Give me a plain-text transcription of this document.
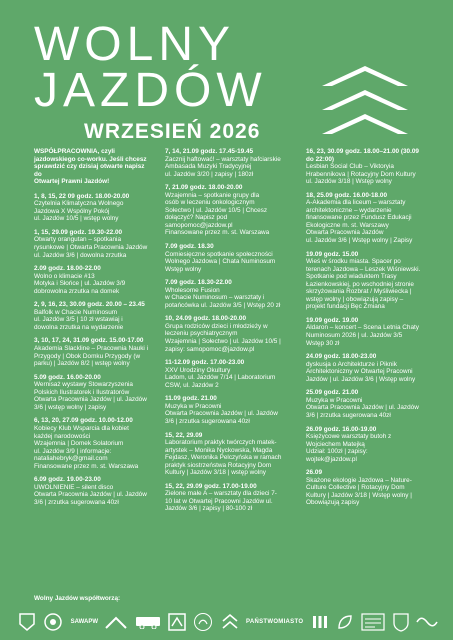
WOLNY
JAZDÓW
WRZESIEŃ 2026
WSPÓŁPRACOWNIA, czyli
jazdowskiego co-worku. Jeśli chcesz
sprawdzić czy dzisiaj otwarte napisz do
Otwartej Prawni Jazdów!
1, 8, 15, 22 09 godz. 18.00-20.00
Czytelnia Klimatyczna Wolnego
Jazdowa X Wspólny Pokój
ul. Jazdów 10/5 | wstęp wolny
1, 15, 29.09 godz. 19.30-22.00
Otwarty orangutan – spotkania
rysunkowe | Otwarta Pracownia Jazdów
ul. Jazdów 3/6 | dowolna zrzutka
2.09 godz. 18.00-22.00
Wolno o klimacie #13
Motyka i Słońce | ul. Jazdów 3/9
dobrowolna zrzutka na domek
2, 9, 16, 23, 30.09 godz. 20.00 – 23.45
Balfolk w Chacie Numinosum
ul. Jazdów 3/5 | 10 zł wstawiaj i
dowolna zrzutka na wydarzenie
3, 10, 17, 24, 31.09 godz. 15.00-17.00
Akademia Slackline – Pracownia Nauki i
Przygody | Obok Domku Przygody (w
parku) | Jazdów 8/2 | wstęp wolny
5.09 godz. 16.00-20.00
Wernisaż wystawy Stowarzyszenia
Polskich Ilustratorek i Ilustratorów
Otwarta Pracownia Jazdów | ul. Jazdów
3/6 | wstęp wolny | zapisy
6, 13, 20, 27.09 godz. 10.00-12.00
Kobiecy Klub Wsparcia dla kobiet
każdej narodowości
Wzajemnia | Domek Solatorium
ul. Jazdów 3/9 | informacje:
nataliahebryk@gmail.com
Finansowane przez m. st. Warszawa
6.09 godz. 19.00-23.00
UWOLNIENIE – silent disco
Otwarta Pracownia Jazdów | ul. Jazdów
3/6 | zrzutka sugerowana 40zł
7, 14, 21.09 godz. 17.45-19.45
Zacznij haftować! – warsztaty hafciarskie
Ambasada Muzyki Tradycyjnej
ul. Jazdów 3/20 | zapisy | 180zł
7, 21.09 godz. 18.00-20.00
Wzajemnia – spotkanie grupy dla
osób w leczeniu onkologicznym
Sołectwo | ul. Jazdów 10/5 | Chcesz
dołączyć? Napisz pod
samopomoc@jazdow.pl
Finansowane przez m. st. Warszawa
7.09 godz. 18.30
Comiesięczne spotkanie społeczności
Wolnego Jazdowa | Chata Numinosum
Wstęp wolny
7.09 godz. 18.30-22.00
Wholesome Fusion
w Chacie Numinosum – warsztaty i
potańcówka ul. Jazdów 3/5 | Wstęp 20 zł
10, 24.09 godz. 18.00-20.00
Grupa rodziców dzieci i młodzieży w
leczeniu psychiatrycznym
Wzajemnia | Sołectwo | ul. Jazdów 10/5 |
zapisy: samopomoc@jazdow.pl
11-12.09 godz. 17.00-23.00
XXV Urodziny Okultury
Ladom, ul. Jazdów 7/14 | Laboratorium
CSW, ul. Jazdów 2
11.09 godz. 21.00
Muzyka w Pracowni
Otwarta Pracownia Jazdów | ul. Jazdów
3/6 | zrzutka sugerowana 40zł
15, 22, 29.09
Laboratorium praktyk twórczych matek-
artystek – Monika Nyckowska, Magda
Fejdasz, Weronika Pelczyńska w ramach
praktyk siostrzeństwa Rotacyjny Dom
Kultury | Jazdów 3/18 | wstęp wolny
15, 22, 29.09 godz. 17.00-19.00
Zielone małe A – warsztaty dla dzieci 7-
10 lat w Otwartej Pracowni Jazdów ul.
Jazdów 3/6 | zapisy | 80-100 zł
16, 23, 30.09 godz. 18.00–21.00 (30.09
do 22:00)
Lesbian Social Club – Viktoryia
Hrabennikova | Rotacyjny Dom Kultury
ul. Jazdów 3/18 | Wstęp wolny
18, 25.09 godz. 16.00-18.00
A-Akademia dla liceum – warsztaty
architektoniczne – wydarzenie
finansowane przez Fundusz Edukacji
Ekologiczne m. st. Warszawy
Otwarta Pracownia Jazdów
ul. Jazdów 3/6 | Wstęp wolny | Zapisy
19.09 godz. 15.00
Wieś w środku miasta. Spacer po
terenach Jazdowa – Leszek Wiśniewski.
Spotkanie pod wiaduktem Trasy
Łazienkowskiej, po wschodniej stronie
skrzyżowania Rozbrat / Myśliwiecka |
wstęp wolny | obowiązują zapisy –
projekt fundacji Bęc Zmiana
19.09 godz. 19.00
Aldaron – koncert – Scena Letnia Chaty
Numinosum 2026 | ul. Jazdów 3/5
Wstęp 30 zł
24.09 godz. 18.00-23.00
dyskusja o Architekturze i Piknik
Architektoniczny w Otwartej Pracowni
Jazdów | ul. Jazdów 3/6 | Wstęp wolny
25.09 godz. 21.00
Muzyka w Pracowni
Otwarta Pracownia Jazdów | ul. Jazdów
3/6 | zrzutka sugerowana 40zł
26.09 godz. 16.00-19.00
Księżycowe warsztaty butoh z
Wojciechem Matejką
Udział: 100zł | zapisy:
wojtek@jazdow.pl
26.09
Skażone ekologie Jazdowa – Nature-
Culture Collective | Rotacyjny Dom
Kultury | Jazdów 3/18 | Wstęp wolny |
Obowiązują zapisy
Wolny Jazdów współtworzą:
SAWAPW	PAŃSTWOMIASTO
